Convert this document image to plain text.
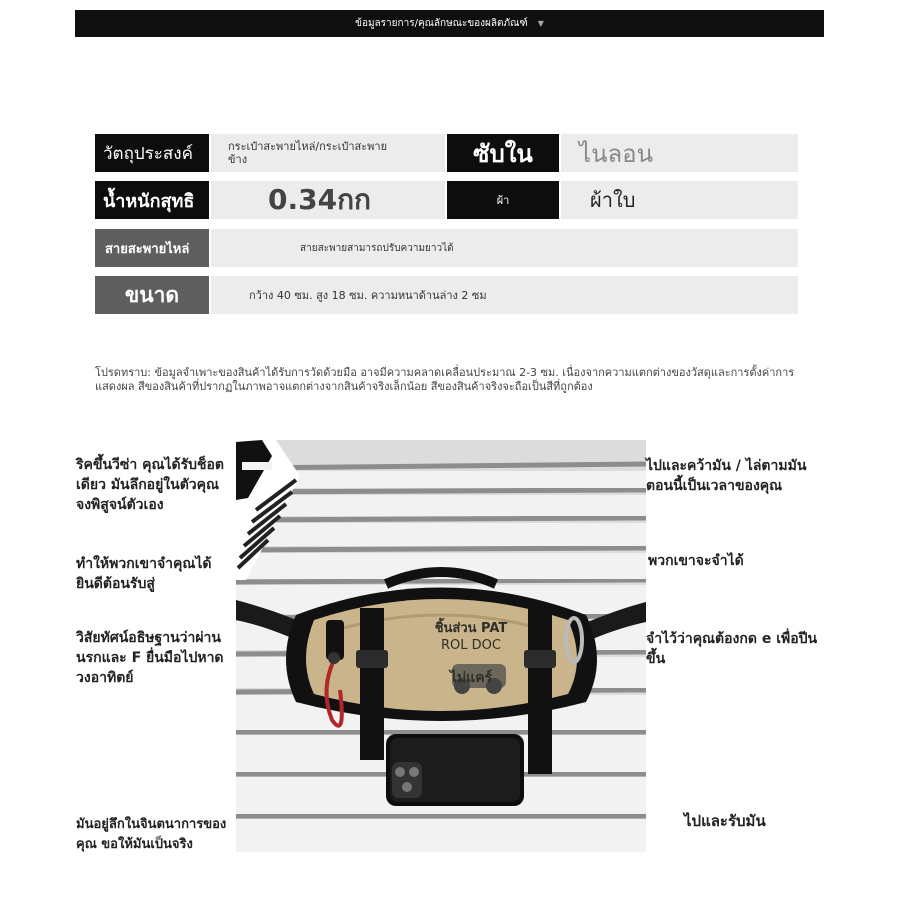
ข้อมูลรายการ/คุณลักษณะของผลิตภัณฑ์ ▼
วัตถุประสงค์	กระเป๋าสะพายไหล่/กระเป๋าสะพายข้าง	ซับใน	ไนลอน
น้ำหนักสุทธิ	0.34กก	ผ้า	ผ้าใบ
สายสะพายไหล่	สายสะพายสามารถปรับความยาวได้
ขนาด	กว้าง 40 ซม. สูง 18 ซม. ความหนาด้านล่าง 2 ซม
โปรดทราบ: ข้อมูลจำเพาะของสินค้าได้รับการวัดด้วยมือ อาจมีความคลาดเคลื่อนประมาณ 2-3 ซม. เนื่องจากความแตกต่างของวัสดุและการตั้งค่าการแสดงผล สีของสินค้าที่ปรากฏในภาพอาจแตกต่างจากสินค้าจริงเล็กน้อย สีของสินค้าจริงจะถือเป็นสีที่ถูกต้อง
ชิ้นส่วน PAT
ROL DOC
ไม่แคร์
ริคขึ้นวีซ่า คุณได้รับช็อตเดียว มันลึกอยู่ในตัวคุณ จงพิสูจน์ตัวเอง
ทำให้พวกเขาจำคุณได้ ยินดีต้อนรับสู่
วิสัยทัศน์อธิษฐานว่าผ่านนรกและ F ยื่นมือไปหาดวงอาทิตย์
มันอยู่ลึกในจินตนาการของคุณ ขอให้มันเป็นจริง
ไปและคว้ามัน / ไล่ตามมัน ตอนนี้เป็นเวลาของคุณ
พวกเขาจะจำได้
จำไว้ว่าคุณต้องกด e เพื่อปีนขึ้น
ไปและรับมัน
